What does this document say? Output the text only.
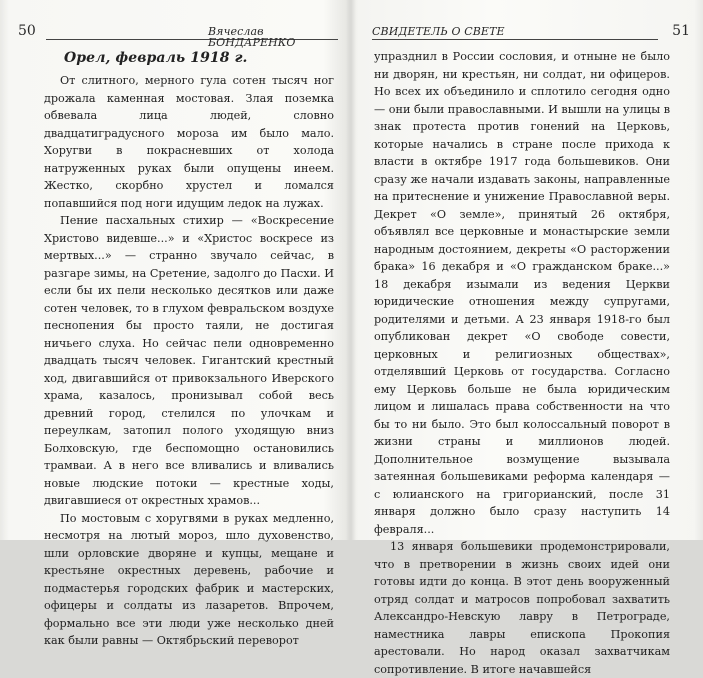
50	Вячеслав БОНДАРЕНКО
Орел, февраль 1918 г.

От слитного, мерного гула сотен тысяч ног дрожала каменная мостовая. Злая поземка обвевала лица людей, словно двадцатиградусного мороза им было мало. Хоругви в покрасневших от холода натруженных руках были опущены инеем. Жестко, скорбно хрустел и ломался попавшийся под ноги идущим ледок на лужах.

Пение пасхальных стихир — «Воскресение Христово видевше...» и «Христос воскресе из мертвых...» — странно звучало сейчас, в разгаре зимы, на Сретение, задолго до Пасхи. И если бы их пели несколько десятков или даже сотен человек, то в глухом февральском воздухе песнопения бы просто таяли, не достигая ничьего слуха. Но сейчас пели одновременно двадцать тысяч человек. Гигантский крестный ход, двигавшийся от привокзального Иверского храма, казалось, пронизывал собой весь древний город, стелился по улочкам и переулкам, затопил полого уходящую вниз Болховскую, где беспомощно остановились трамваи. А в него все вливались и вливались новые людские потоки — крестные ходы, двигавшиеся от окрестных храмов...

По мостовым с хоругвями в руках медленно, несмотря на лютый мороз, шло духовенство, шли орловские дворяне и купцы, мещане и крестьяне окрестных деревень, рабочие и подмастерья городских фабрик и мастерских, офицеры и солдаты из лазаретов. Впрочем, формально все эти люди уже несколько дней как были равны — Октябрьский переворот

СВИДЕТЕЛЬ О СВЕТЕ	51

упразднил в России сословия, и отныне не было ни дворян, ни крестьян, ни солдат, ни офицеров. Но всех их объединило и сплотило сегодня одно — они были православными. И вышли на улицы в знак протеста против гонений на Церковь, которые начались в стране после прихода к власти в октябре 1917 года большевиков. Они сразу же начали издавать законы, направленные на притеснение и унижение Православной веры. Декрет «О земле», принятый 26 октября, объявлял все церковные и монастырские земли народным достоянием, декреты «О расторжении брака» 16 декабря и «О гражданском браке...» 18 декабря изымали из ведения Церкви юридические отношения между супругами, родителями и детьми. А 23 января 1918-го был опубликован декрет «О свободе совести, церковных и религиозных обществах», отделявший Церковь от государства. Согласно ему Церковь больше не была юридическим лицом и лишалась права собственности на что бы то ни было. Это был колоссальный поворот в жизни страны и миллионов людей. Дополнительное возмущение вызывала затеянная большевиками реформа календаря — с юлианского на григорианский, после 31 января должно было сразу наступить 14 февраля...

13 января большевики продемонстрировали, что в претворении в жизнь своих идей они готовы идти до конца. В этот день вооруженный отряд солдат и матросов попробовал захватить Александро-Невскую лавру в Петрограде, наместника лавры епископа Прокопия арестовали. Но народ оказал захватчикам сопротивление. В итоге начавшейся
